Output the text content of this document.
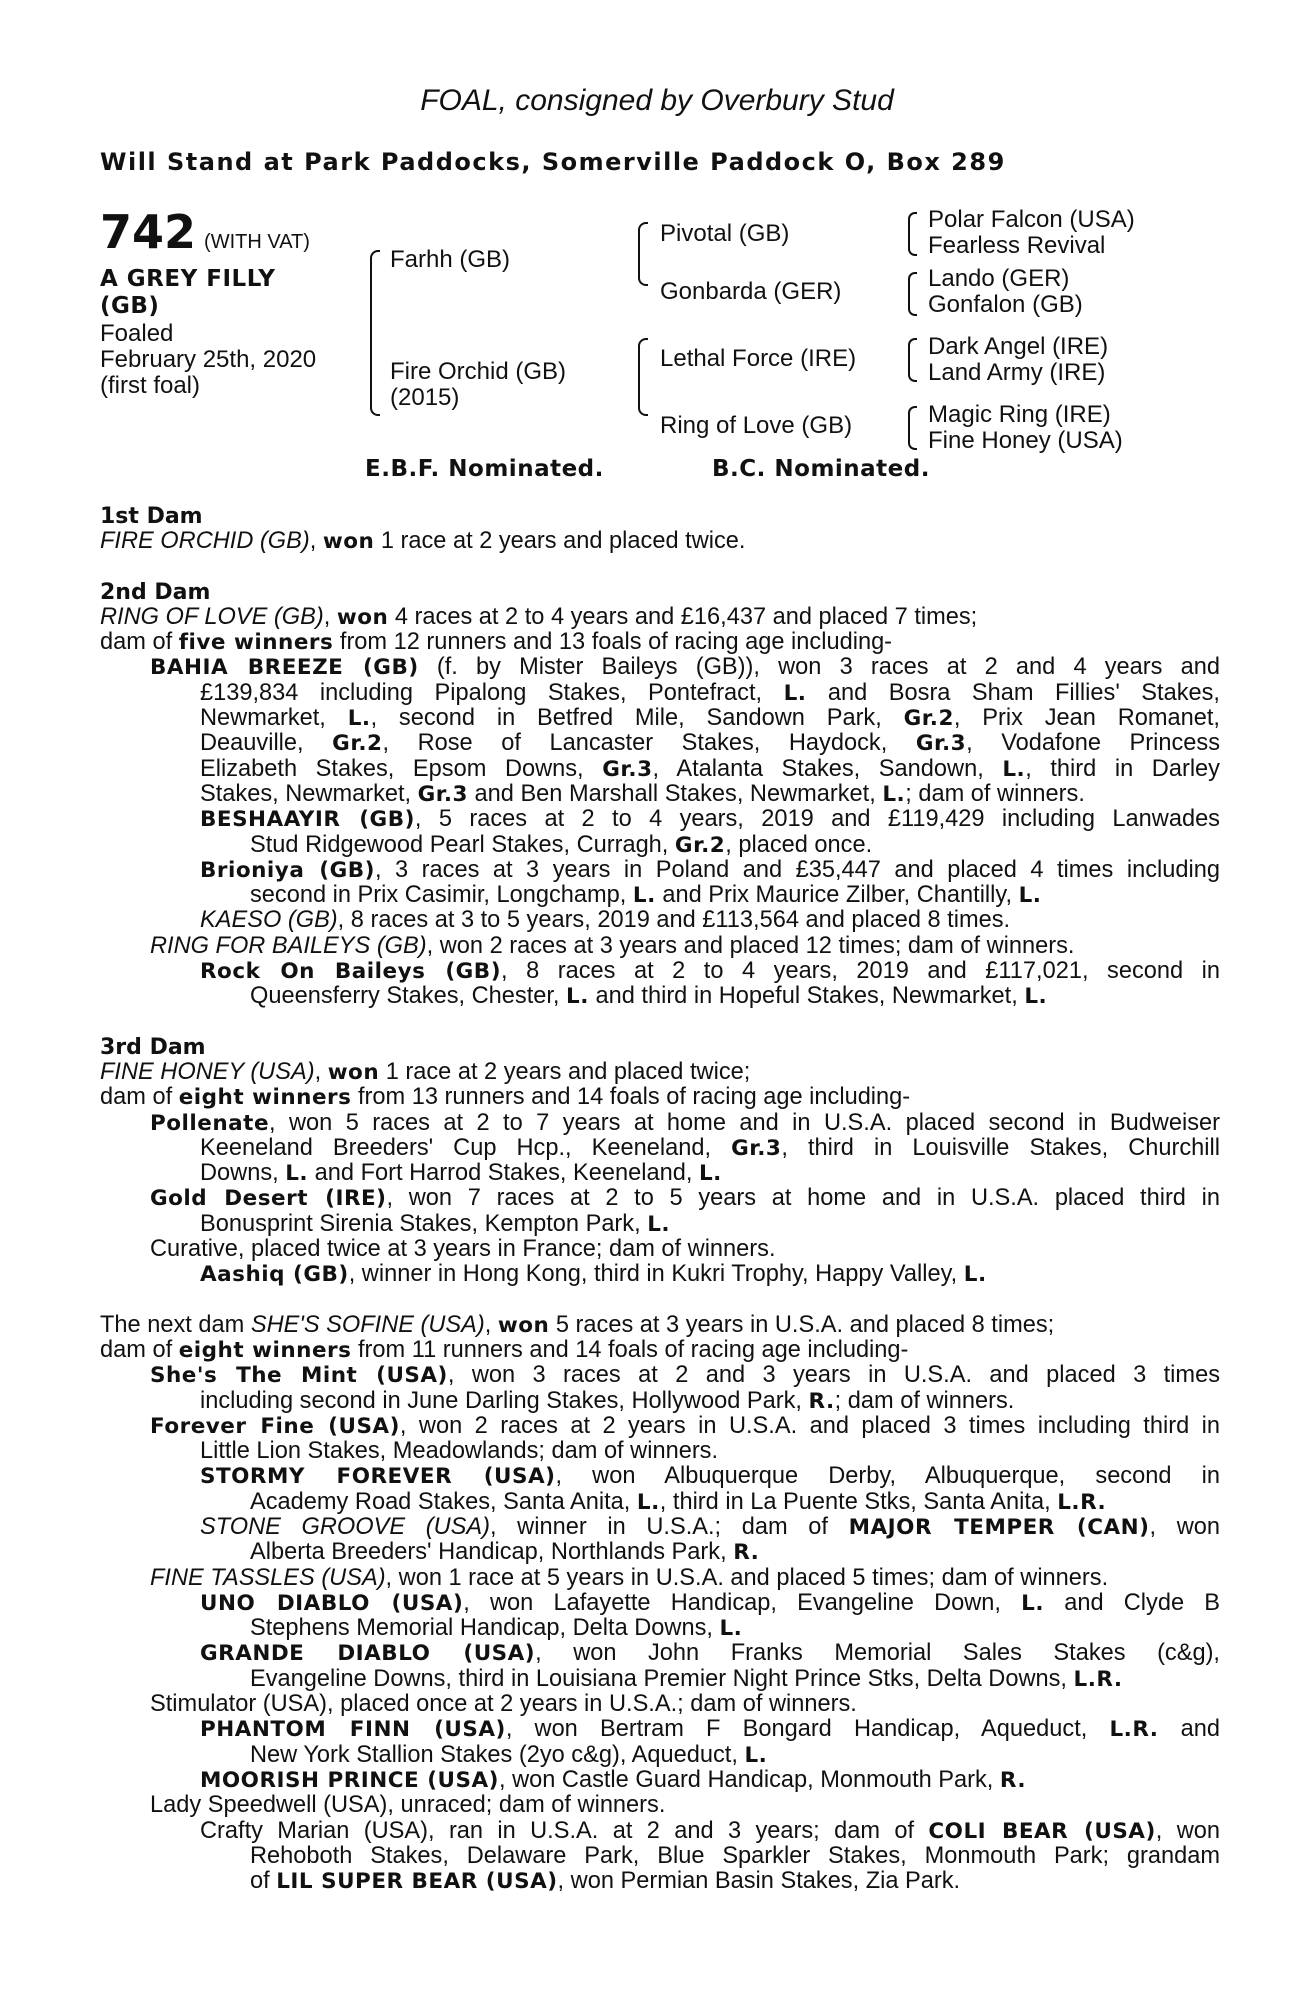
FOAL, consigned by Overbury Stud
Will Stand at Park Paddocks, Somerville Paddock O, Box 289
742 (WITH VAT)
A GREY FILLY
(GB)
Foaled
February 25th, 2020
(first foal)
Farhh (GB)
Fire Orchid (GB)
(2015)
Pivotal (GB)
Gonbarda (GER)
Lethal Force (IRE)
Ring of Love (GB)
Polar Falcon (USA)
Fearless Revival
Lando (GER)
Gonfalon (GB)
Dark Angel (IRE)
Land Army (IRE)
Magic Ring (IRE)
Fine Honey (USA)
E.B.F. Nominated.	B.C. Nominated.
1st Dam
FIRE ORCHID (GB), won 1 race at 2 years and placed twice.
2nd Dam
RING OF LOVE (GB), won 4 races at 2 to 4 years and £16,437 and placed 7 times;
dam of five winners from 12 runners and 13 foals of racing age including-
BAHIA BREEZE (GB) (f. by Mister Baileys (GB)), won 3 races at 2 and 4 years and
£139,834 including Pipalong Stakes, Pontefract, L. and Bosra Sham Fillies' Stakes,
Newmarket, L., second in Betfred Mile, Sandown Park, Gr.2, Prix Jean Romanet,
Deauville, Gr.2, Rose of Lancaster Stakes, Haydock, Gr.3, Vodafone Princess
Elizabeth Stakes, Epsom Downs, Gr.3, Atalanta Stakes, Sandown, L., third in Darley
Stakes, Newmarket, Gr.3 and Ben Marshall Stakes, Newmarket, L.; dam of winners.
BESHAAYIR (GB), 5 races at 2 to 4 years, 2019 and £119,429 including Lanwades
Stud Ridgewood Pearl Stakes, Curragh, Gr.2, placed once.
Brioniya (GB), 3 races at 3 years in Poland and £35,447 and placed 4 times including
second in Prix Casimir, Longchamp, L. and Prix Maurice Zilber, Chantilly, L.
KAESO (GB), 8 races at 3 to 5 years, 2019 and £113,564 and placed 8 times.
RING FOR BAILEYS (GB), won 2 races at 3 years and placed 12 times; dam of winners.
Rock On Baileys (GB), 8 races at 2 to 4 years, 2019 and £117,021, second in
Queensferry Stakes, Chester, L. and third in Hopeful Stakes, Newmarket, L.
3rd Dam
FINE HONEY (USA), won 1 race at 2 years and placed twice;
dam of eight winners from 13 runners and 14 foals of racing age including-
Pollenate, won 5 races at 2 to 7 years at home and in U.S.A. placed second in Budweiser
Keeneland Breeders' Cup Hcp., Keeneland, Gr.3, third in Louisville Stakes, Churchill
Downs, L. and Fort Harrod Stakes, Keeneland, L.
Gold Desert (IRE), won 7 races at 2 to 5 years at home and in U.S.A. placed third in
Bonusprint Sirenia Stakes, Kempton Park, L.
Curative, placed twice at 3 years in France; dam of winners.
Aashiq (GB), winner in Hong Kong, third in Kukri Trophy, Happy Valley, L.
The next dam SHE'S SOFINE (USA), won 5 races at 3 years in U.S.A. and placed 8 times;
dam of eight winners from 11 runners and 14 foals of racing age including-
She's The Mint (USA), won 3 races at 2 and 3 years in U.S.A. and placed 3 times
including second in June Darling Stakes, Hollywood Park, R.; dam of winners.
Forever Fine (USA), won 2 races at 2 years in U.S.A. and placed 3 times including third in
Little Lion Stakes, Meadowlands; dam of winners.
STORMY FOREVER (USA), won Albuquerque Derby, Albuquerque, second in
Academy Road Stakes, Santa Anita, L., third in La Puente Stks, Santa Anita, L.R.
STONE GROOVE (USA), winner in U.S.A.; dam of MAJOR TEMPER (CAN), won
Alberta Breeders' Handicap, Northlands Park, R.
FINE TASSLES (USA), won 1 race at 5 years in U.S.A. and placed 5 times; dam of winners.
UNO DIABLO (USA), won Lafayette Handicap, Evangeline Down, L. and Clyde B
Stephens Memorial Handicap, Delta Downs, L.
GRANDE DIABLO (USA), won John Franks Memorial Sales Stakes (c&g),
Evangeline Downs, third in Louisiana Premier Night Prince Stks, Delta Downs, L.R.
Stimulator (USA), placed once at 2 years in U.S.A.; dam of winners.
PHANTOM FINN (USA), won Bertram F Bongard Handicap, Aqueduct, L.R. and
New York Stallion Stakes (2yo c&g), Aqueduct, L.
MOORISH PRINCE (USA), won Castle Guard Handicap, Monmouth Park, R.
Lady Speedwell (USA), unraced; dam of winners.
Crafty Marian (USA), ran in U.S.A. at 2 and 3 years; dam of COLI BEAR (USA), won
Rehoboth Stakes, Delaware Park, Blue Sparkler Stakes, Monmouth Park; grandam
of LIL SUPER BEAR (USA), won Permian Basin Stakes, Zia Park.
